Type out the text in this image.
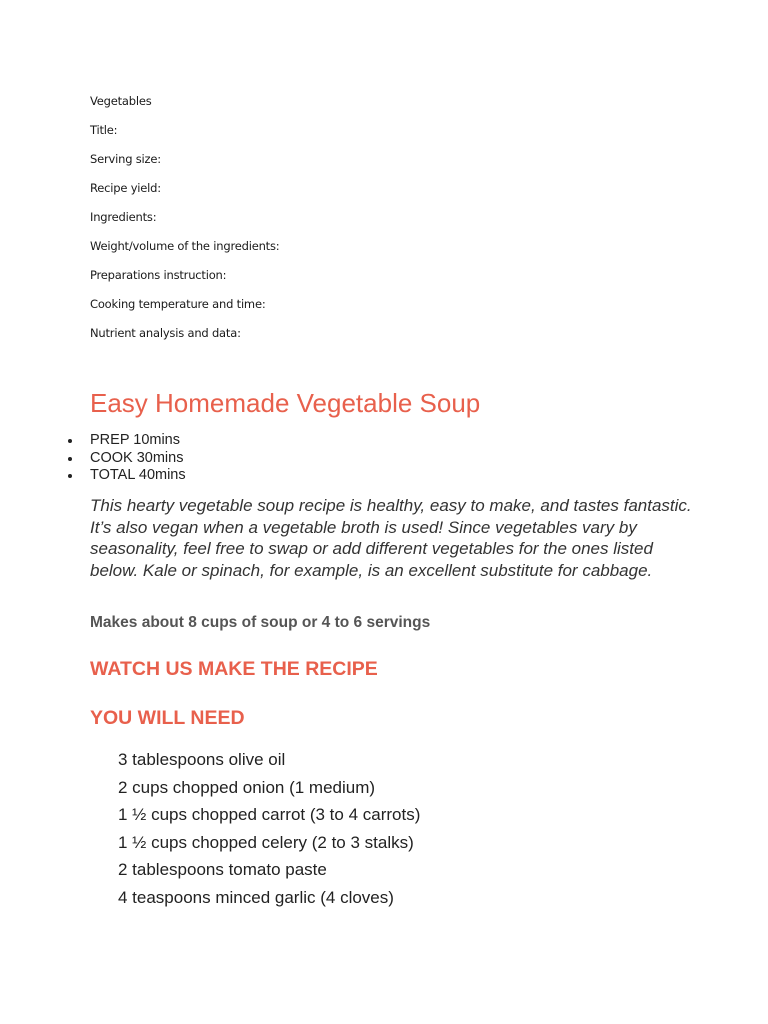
Vegetables
Title:
Serving size:
Recipe yield:
Ingredients:
Weight/volume of the ingredients:
Preparations instruction:
Cooking temperature and time:
Nutrient analysis and data:
Easy Homemade Vegetable Soup
PREP 10mins
COOK 30mins
TOTAL 40mins

This hearty vegetable soup recipe is healthy, easy to make, and tastes fantastic. It’s also vegan when a vegetable broth is used! Since vegetables vary by seasonality, feel free to swap or add different vegetables for the ones listed below. Kale or spinach, for example, is an excellent substitute for cabbage.

Makes about 8 cups of soup or 4 to 6 servings

WATCH US MAKE THE RECIPE
YOU WILL NEED
3 tablespoons olive oil
2 cups chopped onion (1 medium)
1 ½ cups chopped carrot (3 to 4 carrots)
1 ½ cups chopped celery (2 to 3 stalks)
2 tablespoons tomato paste
4 teaspoons minced garlic (4 cloves)
